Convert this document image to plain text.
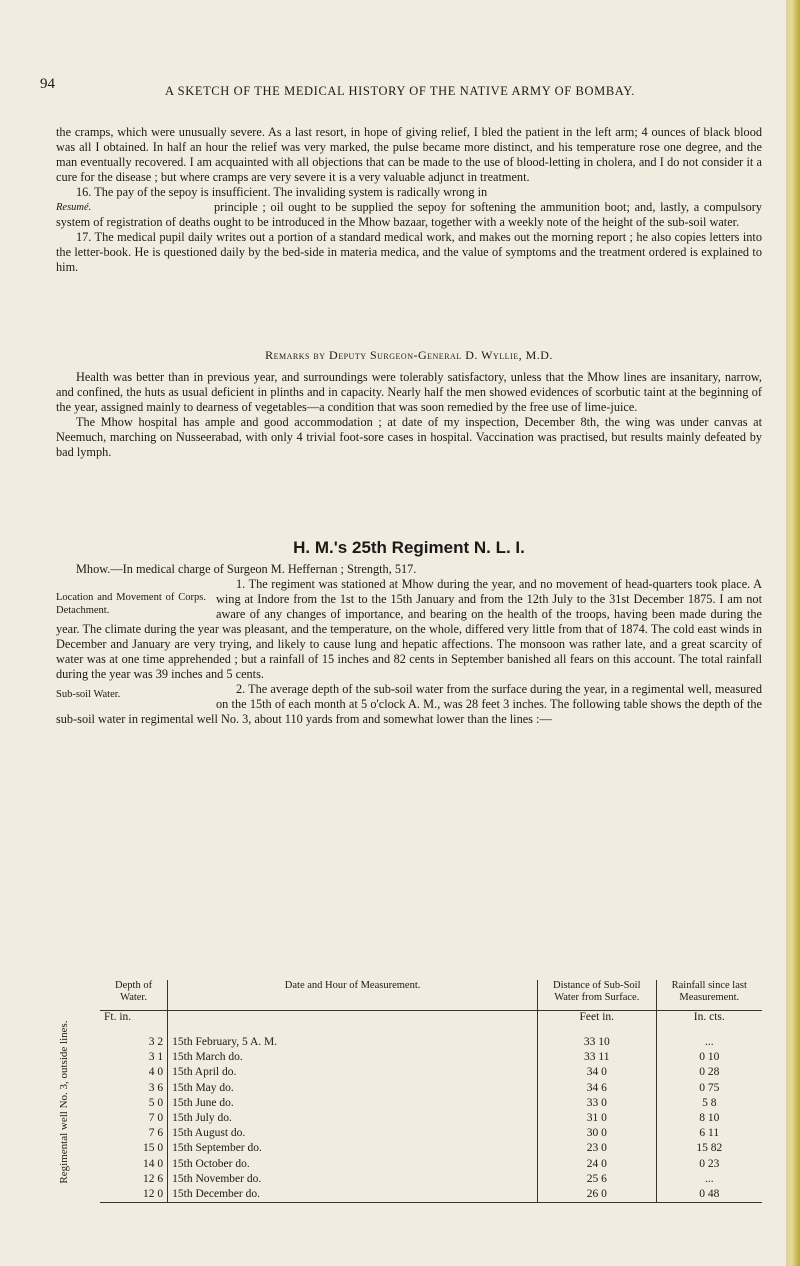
94	A SKETCH OF THE MEDICAL HISTORY OF THE NATIVE ARMY OF BOMBAY.

the cramps, which were unusually severe. As a last resort, in hope of giving relief, I bled the patient in the left arm; 4 ounces of black blood was all I obtained. In half an hour the relief was very marked, the pulse became more distinct, and his temperature rose one degree, and the man eventually recovered. I am acquainted with all objections that can be made to the use of blood-letting in cholera, and I do not consider it a cure for the disease ; but where cramps are very severe it is a very valuable adjunct in treatment.

16. The pay of the sepoy is insufficient. The invaliding system is radically wrong in

Resumé.	principle ; oil ought to be supplied the sepoy for softening the ammunition boot; and, lastly, a compulsory system of registration of deaths ought to be introduced in the Mhow bazaar, together with a weekly note of the height of the sub-soil water.

17. The medical pupil daily writes out a portion of a standard medical work, and makes out the morning report ; he also copies letters into the letter-book. He is questioned daily by the bed-side in materia medica, and the value of symptoms and the treatment ordered is explained to him.

Remarks by Deputy Surgeon-General D. Wyllie, M.D.

Health was better than in previous year, and surroundings were tolerably satisfactory, unless that the Mhow lines are insanitary, narrow, and confined, the huts as usual deficient in plinths and in capacity. Nearly half the men showed evidences of scorbutic taint at the beginning of the year, assigned mainly to dearness of vegetables—a condition that was soon remedied by the free use of lime-juice.

The Mhow hospital has ample and good accommodation ; at date of my inspection, December 8th, the wing was under canvas at Neemuch, marching on Nusseerabad, with only 4 trivial foot-sore cases in hospital. Vaccination was practised, but results mainly defeated by bad lymph.

H. M.'s 25th Regiment N. L. I.

Mhow.—In medical charge of Surgeon M. Heffernan ; Strength, 517.

Location and Movement of Corps. Detachment.
1. The regiment was stationed at Mhow during the year, and no movement of head-quarters took place. A wing at Indore from the 1st to the 15th January and from the 12th July to the 31st December 1875. I am not aware of any changes of importance, and bearing on the health of the troops, having been made during the year. The climate during the year was pleasant, and the temperature, on the whole, differed very little from that of 1874. The cold east winds in December and January are very trying, and likely to cause lung and hepatic affections. The monsoon was rather late, and a great scarcity of water was at one time apprehended ; but a rainfall of 15 inches and 82 cents in September banished all fears on this account. The total rainfall during the year was 39 inches and 5 cents.

Sub-soil Water.	2. The average depth of the sub-soil water from the surface during the year, in a regimental well, measured on the 15th of each month at 5 o'clock A. M., was 28 feet 3 inches. The following table shows the depth of the sub-soil water in regimental well No. 3, about 110 yards from and somewhat lower than the lines :—

Regimental well No. 3, outside lines.
Depth of Water.	Date and Hour of Measurement.	Distance of Sub-Soil Water from Surface.	Rainfall since last Measurement.
Ft. in.		Feet in.	In. cts.
3 2	15th February, 5 A. M.	33 10	...
3 1	15th March do.	33 11	0 10
4 0	15th April do.	34 0	0 28
3 6	15th May do.	34 6	0 75
5 0	15th June do.	33 0	5 8
7 0	15th July do.	31 0	8 10
7 6	15th August do.	30 0	6 11
15 0	15th September do.	23 0	15 82
14 0	15th October do.	24 0	0 23
12 6	15th November do.	25 6	...
12 0	15th December do.	26 0	0 48
